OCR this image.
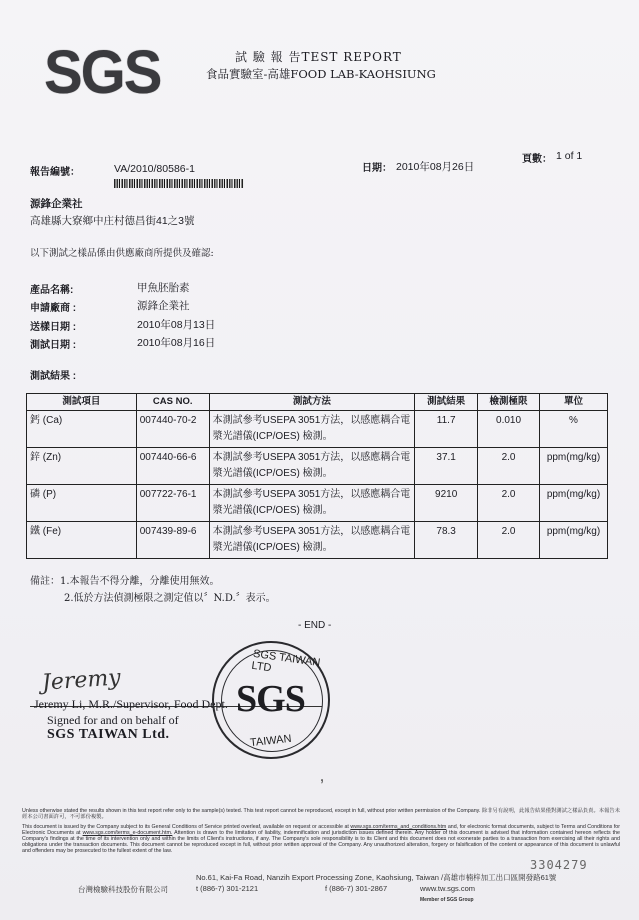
SGS	試 驗 報 告TEST REPORT
食品實驗室-高雄FOOD LAB-KAOHSIUNG
報告編號：	VA/2010/80586-1	日期： 2010年08月26日
頁數： 1 of 1
源鋒企業社
高雄縣大寮鄉中庄村德昌街41之3號
以下測試之樣品係由供應廠商所提供及確認:
產品名稱:	甲魚胚胎素
申請廠商 :	源鋒企業社
送樣日期 :	2010年08月13日
測試日期 :	2010年08月16日
測試結果 :
測試項目	CAS NO.	測試方法	測試結果	檢測極限	單位
鈣 (Ca)	007440-70-2	本測試參考USEPA 3051方法，以感應耦合電漿光譜儀(ICP/OES) 檢測。	11.7	0.010	%
鋅 (Zn)	007440-66-6	本測試參考USEPA 3051方法，以感應耦合電漿光譜儀(ICP/OES) 檢測。	37.1	2.0	ppm(mg/kg)
磷 (P)	007722-76-1	本測試參考USEPA 3051方法，以感應耦合電漿光譜儀(ICP/OES) 檢測。	9210	2.0	ppm(mg/kg)
鐵 (Fe)	007439-89-6	本測試參考USEPA 3051方法，以感應耦合電漿光譜儀(ICP/OES) 檢測。	78.3	2.0	ppm(mg/kg)
備註：1.本報告不得分離，分離使用無效。
2.低於方法偵測極限之測定值以〞N.D.〞表示。
- END -
Jeremy
Jeremy Li, M.R./Supervisor, Food Dept.
Signed for and on behalf of
SGS TAIWAN Ltd.
SGS TAIWAN LTD
SGS
TAIWAN
‚
Unless otherwise stated the results shown in this test report refer only to the sample(s) tested. This test report cannot be reproduced, except in full, without prior written permission of the Company. 除非另有說明，此報告結果僅對測試之樣品負責。本報告未經本公司書面許可，不可部份複製。
This document is issued by the Company subject to its General Conditions of Service printed overleaf, available on request or accessible at www.sgs.com/terms_and_conditions.htm and, for electronic format documents, subject to Terms and Conditions for Electronic Documents at www.sgs.com/terms_e-document.htm. Attention is drawn to the limitation of liability, indemnification and jurisdiction issues defined therein. Any holder of this document is advised that information contained hereon reflects the Company's findings at the time of its intervention only and within the limits of Client's instructions, if any. The Company's sole responsibility is to its Client and this document does not exonerate parties to a transaction from exercising all their rights and obligations under the transaction documents. This document cannot be reproduced except in full, without prior written approval of the Company. Any unauthorized alteration, forgery or falsification of the content or appearance of this document is unlawful and offenders may be prosecuted to the fullest extent of the law.
3304279
台灣檢驗科技股份有限公司
No.61, Kai-Fa Road, Nanzih Export Processing Zone, Kaohsiung, Taiwan /高雄市楠梓加工出口區開發路61號
t (886-7) 301-2121	f (886-7) 301-2867	www.tw.sgs.com
Member of SGS Group
